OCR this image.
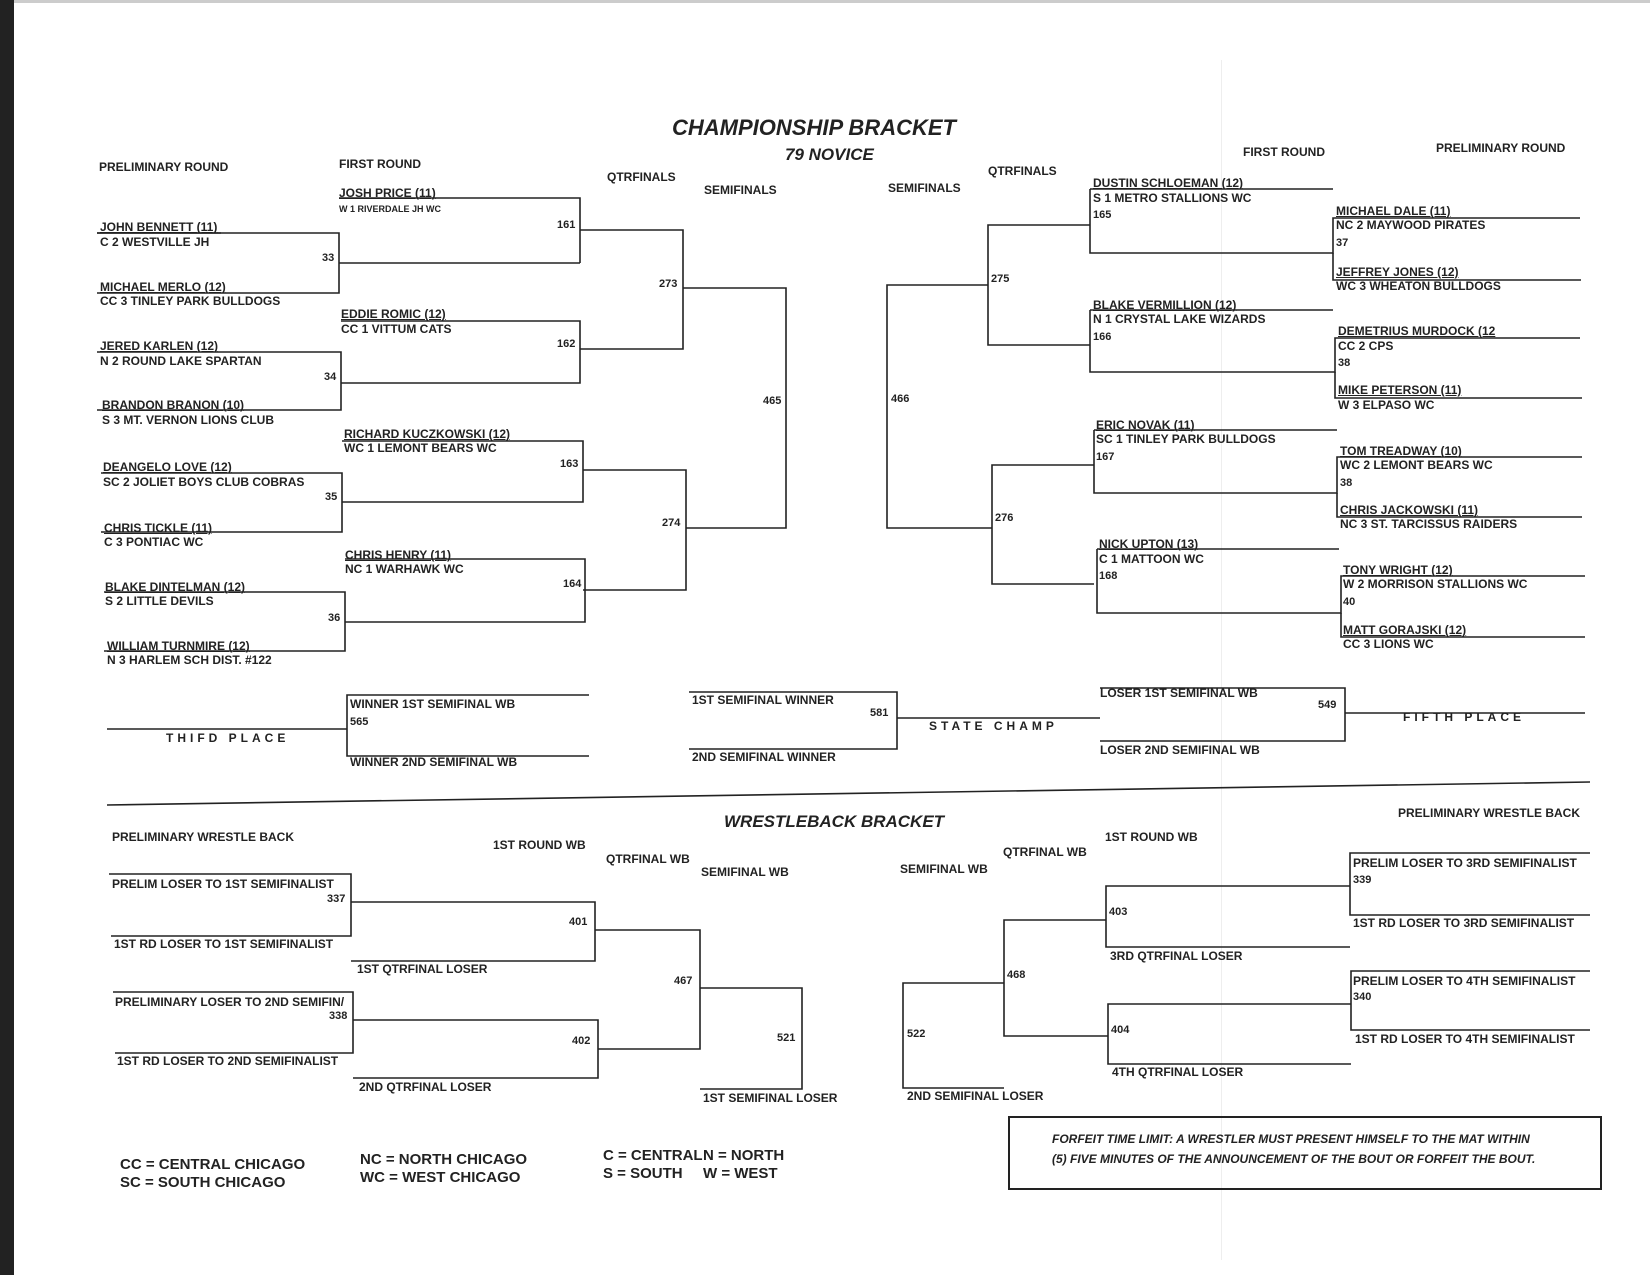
CHAMPIONSHIP BRACKET
79 NOVICE
PRELIMINARY ROUND	FIRST ROUND
QTRFINALS
SEMIFINALS	SEMIFINALS
QTRFINALS
FIRST ROUND	PRELIMINARY ROUND
JOHN BENNETT (11)
C 2 WESTVILLE JH
MICHAEL MERLO (12)
CC 3 TINLEY PARK BULLDOGS
JERED KARLEN (12)
N 2 ROUND LAKE SPARTAN
BRANDON BRANON (10)
S 3 MT. VERNON LIONS CLUB
DEANGELO LOVE (12)
SC 2 JOLIET BOYS CLUB COBRAS
CHRIS TICKLE (11)
C 3 PONTIAC WC
BLAKE DINTELMAN (12)
S 2 LITTLE DEVILS
WILLIAM TURNMIRE (12)
N 3 HARLEM SCH DIST. #122
JOSH PRICE (11)
W 1 RIVERDALE JH WC
EDDIE ROMIC (12)
CC 1 VITTUM CATS
RICHARD KUCZKOWSKI (12)
WC 1 LEMONT BEARS WC
CHRIS HENRY (11)
NC 1 WARHAWK WC
DUSTIN SCHLOEMAN (12)
S 1 METRO STALLIONS WC
165
BLAKE VERMILLION (12)
N 1 CRYSTAL LAKE WIZARDS
166
ERIC NOVAK (11)
SC 1 TINLEY PARK BULLDOGS
167
NICK UPTON (13)
C 1 MATTOON WC
168
MICHAEL DALE (11)
NC 2 MAYWOOD PIRATES
37
JEFFREY JONES (12)
WC 3 WHEATON BULLDOGS
DEMETRIUS MURDOCK (12
CC 2 CPS
38
MIKE PETERSON (11)
W 3 ELPASO WC
TOM TREADWAY (10)
WC 2 LEMONT BEARS WC
38
CHRIS JACKOWSKI (11)
NC 3 ST. TARCISSUS RAIDERS
TONY WRIGHT (12)
W 2 MORRISON STALLIONS WC
40
MATT GORAJSKI (12)
CC 3 LIONS WC
33
34
35
36
161
162
163
164
273
274
465	466
275
276
WINNER 1ST SEMIFINAL WB
565
WINNER 2ND SEMIFINAL WB
THIFD PLACE
1ST SEMIFINAL WINNER
2ND SEMIFINAL WINNER
581
STATE CHAMP
LOSER 1ST SEMIFINAL WB
LOSER 2ND SEMIFINAL WB
549
FIFTH PLACE
WRESTLEBACK BRACKET
PRELIMINARY WRESTLE BACK
1ST ROUND WB
QTRFINAL WB
SEMIFINAL WB	SEMIFINAL WB
QTRFINAL WB
1ST ROUND WB
PRELIMINARY WRESTLE BACK
PRELIM LOSER TO 1ST SEMIFINALIST
337
1ST RD LOSER TO 1ST SEMIFINALIST
PRELIMINARY LOSER TO 2ND SEMIFIN/
338
1ST RD LOSER TO 2ND SEMIFINALIST
401
1ST QTRFINAL LOSER
402
2ND QTRFINAL LOSER
467
521
1ST SEMIFINAL LOSER
PRELIM LOSER TO 3RD SEMIFINALIST
339
1ST RD LOSER TO 3RD SEMIFINALIST
PRELIM LOSER TO 4TH SEMIFINALIST
340
1ST RD LOSER TO 4TH SEMIFINALIST
403
3RD QTRFINAL LOSER
404
4TH QTRFINAL LOSER
468
522
2ND SEMIFINAL LOSER
CC = CENTRAL CHICAGO
SC = SOUTH CHICAGO
NC = NORTH CHICAGO
WC = WEST CHICAGO
C = CENTRAL N = NORTH
S = SOUTH W = WEST
FORFEIT TIME LIMIT: A WRESTLER MUST PRESENT HIMSELF TO THE MAT WITHIN
(5) FIVE MINUTES OF THE ANNOUNCEMENT OF THE BOUT OR FORFEIT THE BOUT.
